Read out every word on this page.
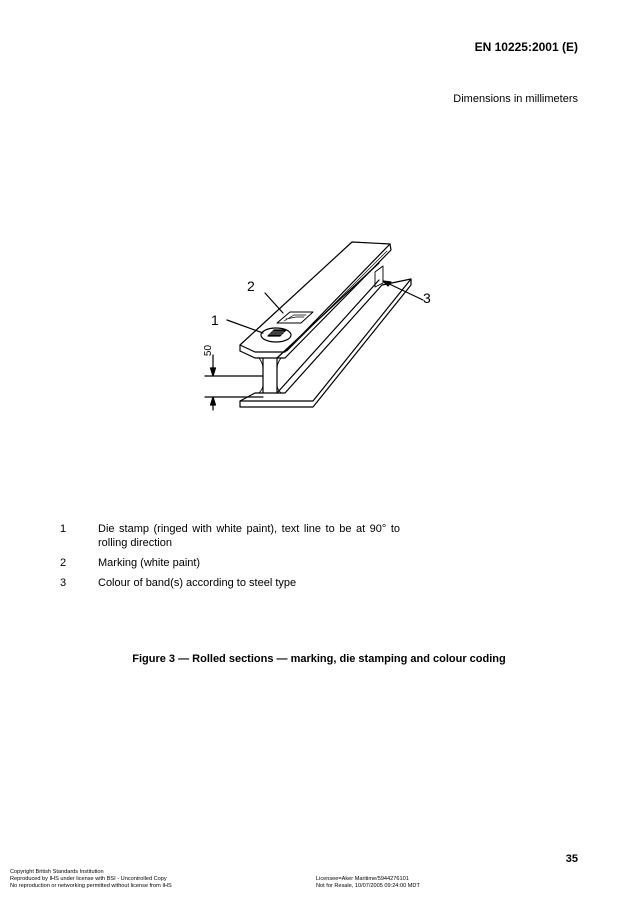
EN 10225:2001 (E)
Dimensions in millimeters
1
2
3
50
1	Die stamp (ringed with white paint), text line to be at 90° to rolling direction
2	Marking (white paint)
3	Colour of band(s) according to steel type
Figure 3 — Rolled sections — marking, die stamping and colour coding
35
Copyright British Standards Institution
Reproduced by IHS under license with BSI - Uncontrolled Copy
No reproduction or networking permitted without license from IHS
Licensee=Aker Maritime/5944276101
Not for Resale, 10/07/2005 09:24:00 MDT
